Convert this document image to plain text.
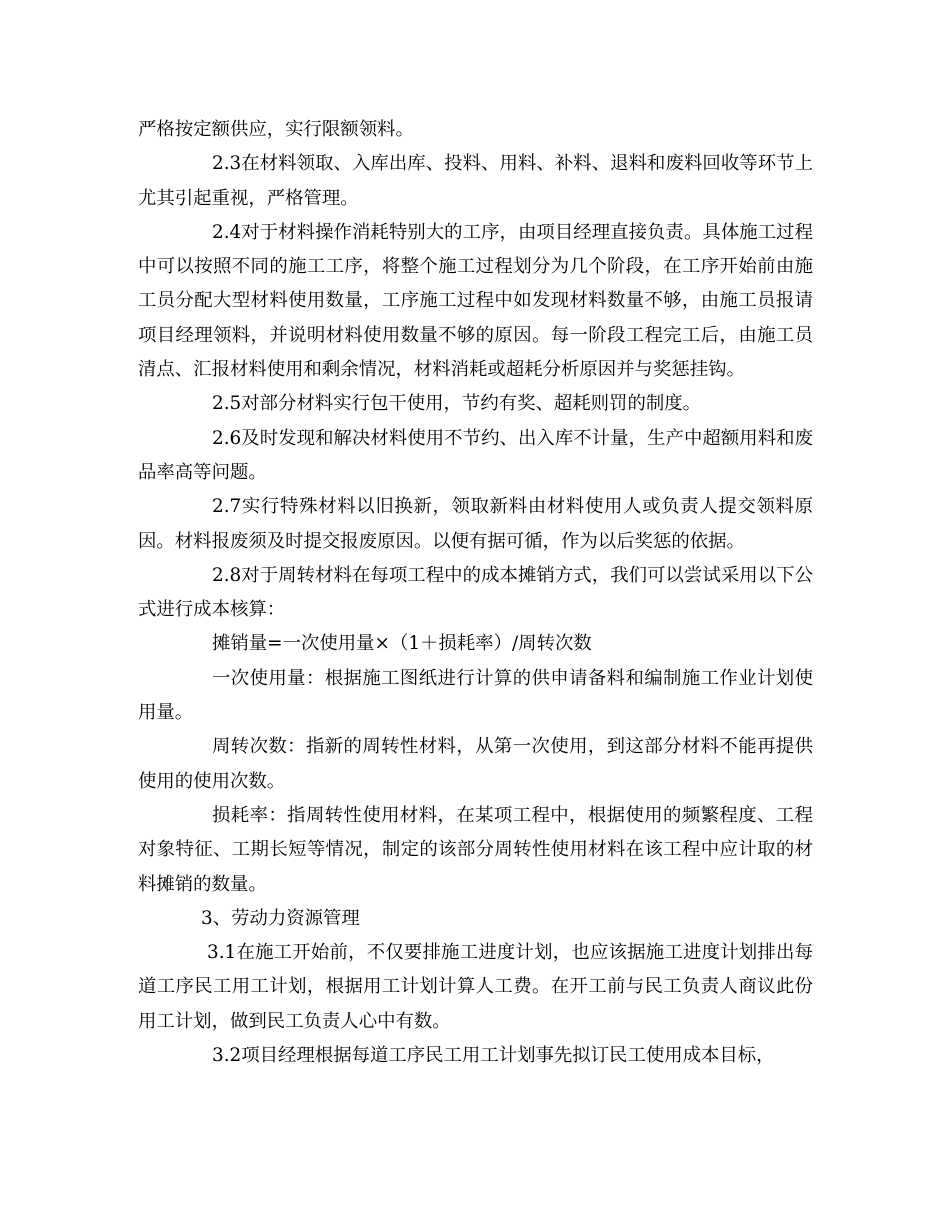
严格按定额供应，实行限额领料。

2.3在材料领取、入库出库、投料、用料、补料、退料和废料回收等环节上尤其引起重视，严格管理。

2.4对于材料操作消耗特别大的工序，由项目经理直接负责。具体施工过程中可以按照不同的施工工序，将整个施工过程划分为几个阶段，在工序开始前由施工员分配大型材料使用数量，工序施工过程中如发现材料数量不够，由施工员报请项目经理领料，并说明材料使用数量不够的原因。每一阶段工程完工后，由施工员清点、汇报材料使用和剩余情况，材料消耗或超耗分析原因并与奖惩挂钩。

2.5对部分材料实行包干使用，节约有奖、超耗则罚的制度。

2.6及时发现和解决材料使用不节约、出入库不计量，生产中超额用料和废品率高等问题。

2.7实行特殊材料以旧换新，领取新料由材料使用人或负责人提交领料原因。材料报废须及时提交报废原因。以便有据可循，作为以后奖惩的依据。

2.8对于周转材料在每项工程中的成本摊销方式，我们可以尝试采用以下公式进行成本核算：

摊销量=一次使用量×（1＋损耗率）/周转次数

一次使用量：根据施工图纸进行计算的供申请备料和编制施工作业计划使用量。

周转次数：指新的周转性材料，从第一次使用，到这部分材料不能再提供使用的使用次数。

损耗率：指周转性使用材料，在某项工程中，根据使用的频繁程度、工程对象特征、工期长短等情况，制定的该部分周转性使用材料在该工程中应计取的材料摊销的数量。

3、劳动力资源管理

3.1在施工开始前，不仅要排施工进度计划，也应该据施工进度计划排出每道工序民工用工计划，根据用工计划计算人工费。在开工前与民工负责人商议此份用工计划，做到民工负责人心中有数。

3.2项目经理根据每道工序民工用工计划事先拟订民工使用成本目标，
